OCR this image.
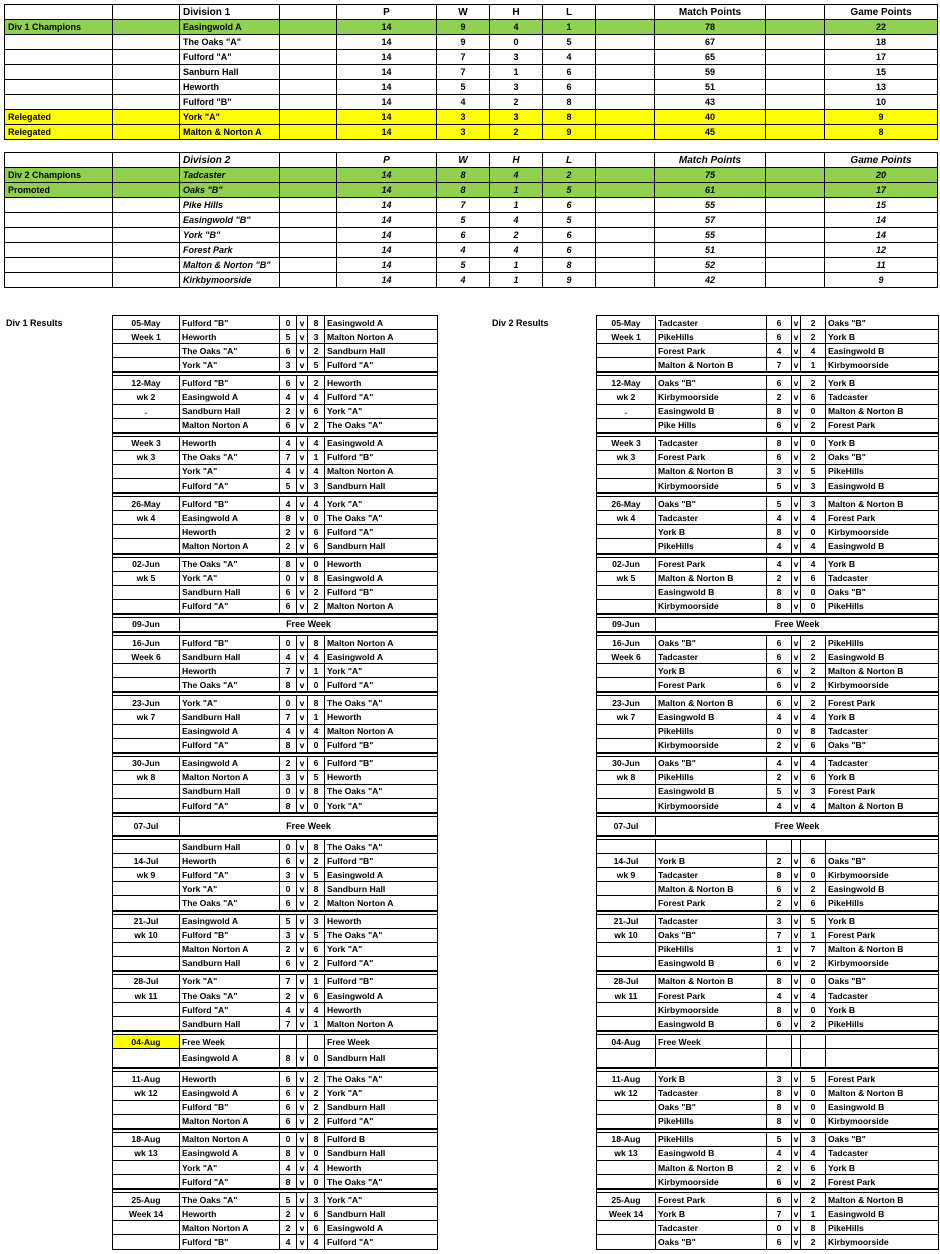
		Division 1		P	W	H	L		Match Points		Game Points
Div 1 Champions		Easingwold A		14	9	4	1		78		22
		The Oaks "A"		14	9	0	5		67		18
		Fulford "A"		14	7	3	4		65		17
		Sanburn Hall		14	7	1	6		59		15
		Heworth		14	5	3	6		51		13
		Fulford "B"		14	4	2	8		43		10
Relegated		York "A"		14	3	3	8		40		9
Relegated		Malton & Norton A		14	3	2	9		45		8
		Division 2		P	W	H	L		Match Points		Game Points
Div 2 Champions		Tadcaster		14	8	4	2		75		20
Promoted		Oaks "B"		14	8	1	5		61		17
		Pike Hills		14	7	1	6		55		15
		Easingwold "B"		14	5	4	5		57		14
		York "B"		14	6	2	6		55		14
		Forest Park		14	4	4	6		51		12
		Malton & Norton "B"		14	5	1	8		52		11
		Kirkbymoorside		14	4	1	9		42		9
Div 1 Results	Div 2 Results
05-May	Fulford "B"	0	v	8	Easingwold A
Week 1	Heworth	5	v	3	Malton Norton A
	The Oaks "A"	6	v	2	Sandburn Hall
	York "A"	3	v	5	Fulford "A"

12-May	Fulford "B"	6	v	2	Heworth
wk 2	Easingwold A	4	v	4	Fulford "A"
.	Sandburn Hall	2	v	6	York "A"
	Malton Norton A	6	v	2	The Oaks "A"

Week 3	Heworth	4	v	4	Easingwold A
wk 3	The Oaks "A"	7	v	1	Fulford "B"
	York "A"	4	v	4	Malton Norton A
	Fulford "A"	5	v	3	Sandburn Hall

26-May	Fulford "B"	4	v	4	York "A"
wk 4	Easingwold A	8	v	0	The Oaks "A"
	Heworth	2	v	6	Fulford "A"
	Malton Norton A	2	v	6	Sandburn Hall

02-Jun	The Oaks "A"	8	v	0	Heworth
wk 5	York "A"	0	v	8	Easingwold A
	Sandburn Hall	6	v	2	Fulford "B"
	Fulford "A"	6	v	2	Malton Norton A

09-Jun	Free Week				

16-Jun	Fulford "B"	0	v	8	Malton Norton A
Week 6	Sandburn Hall	4	v	4	Easingwold A
	Heworth	7	v	1	York "A"
	The Oaks "A"	8	v	0	Fulford "A"

23-Jun	York "A"	0	v	8	The Oaks "A"
wk 7	Sandburn Hall	7	v	1	Heworth
	Easingwold A	4	v	4	Malton Norton A
	Fulford "A"	8	v	0	Fulford "B"

30-Jun	Easingwold A	2	v	6	Fulford "B"
wk 8	Malton Norton A	3	v	5	Heworth
	Sandburn Hall	0	v	8	The Oaks "A"
	Fulford "A"	8	v	0	York "A"

07-Jul	Free Week				

	Sandburn Hall	0	v	8	The Oaks "A"
14-Jul	Heworth	6	v	2	Fulford "B"
wk 9	Fulford "A"	3	v	5	Easingwold A
	York "A"	0	v	8	Sandburn Hall
	The Oaks "A"	6	v	2	Malton Norton A

21-Jul	Easingwold A	5	v	3	Heworth
wk 10	Fulford "B"	3	v	5	The Oaks "A"
	Malton Norton A	2	v	6	York "A"
	Sandburn Hall	6	v	2	Fulford "A"

28-Jul	York "A"	7	v	1	Fulford "B"
wk 11	The Oaks "A"	2	v	6	Easingwold A
	Fulford "A"	4	v	4	Heworth
	Sandburn Hall	7	v	1	Malton Norton A

04-Aug	Free Week				Free Week
	Easingwold A	8	v	0	Sandburn Hall

11-Aug	Heworth	6	v	2	The Oaks "A"
wk 12	Easingwold A	6	v	2	York "A"
	Fulford "B"	6	v	2	Sandburn Hall
	Malton Norton A	6	v	2	Fulford "A"

18-Aug	Malton Norton A	0	v	8	Fulford B
wk 13	Easingwold A	8	v	0	Sandburn Hall
	York "A"	4	v	4	Heworth
	Fulford "A"	8	v	0	The Oaks "A"

25-Aug	The Oaks "A"	5	v	3	York "A"
Week 14	Heworth	2	v	6	Sandburn Hall
	Malton Norton A	2	v	6	Easingwold A
	Fulford "B"	4	v	4	Fulford "A"
05-May	Tadcaster	6	v	2	Oaks "B"
Week 1	PikeHills	6	v	2	York B
	Forest Park	4	v	4	Easingwold B
	Malton & Norton B	7	v	1	Kirbymoorside

12-May	Oaks "B"	6	v	2	York B
wk 2	Kirbymoorside	2	v	6	Tadcaster
.	Easingwold B	8	v	0	Malton & Norton B
	Pike Hills	6	v	2	Forest Park

Week 3	Tadcaster	8	v	0	York B
wk 3	Forest Park	6	v	2	Oaks "B"
	Malton & Norton B	3	v	5	PikeHills
	Kirbymoorside	5	v	3	Easingwold B

26-May	Oaks "B"	5	v	3	Malton & Norton B
wk 4	Tadcaster	4	v	4	Forest Park
	York B	8	v	0	Kirbymoorside
	PikeHills	4	v	4	Easingwold B

02-Jun	Forest Park	4	v	4	York B
wk 5	Malton & Norton B	2	v	6	Tadcaster
	Easingwold B	8	v	0	Oaks "B"
	Kirbymoorside	8	v	0	PikeHills

09-Jun	Free Week				

16-Jun	Oaks "B"	6	v	2	PikeHills
Week 6	Tadcaster	6	v	2	Easingwold B
	York B	6	v	2	Malton & Norton B
	Forest Park	6	v	2	Kirbymoorside

23-Jun	Malton & Norton B	6	v	2	Forest Park
wk 7	Easingwold B	4	v	4	York B
	PikeHills	0	v	8	Tadcaster
	Kirbymoorside	2	v	6	Oaks "B"

30-Jun	Oaks "B"	4	v	4	Tadcaster
wk 8	PikeHills	2	v	6	York B
	Easingwold B	5	v	3	Forest Park
	Kirbymoorside	4	v	4	Malton & Norton B

07-Jul	Free Week				

14-Jul	York B	2	v	6	Oaks "B"
wk 9	Tadcaster	8	v	0	Kirbymoorside
	Malton & Norton B	6	v	2	Easingwold B
	Forest Park	2	v	6	PikeHills

21-Jul	Tadcaster	3	v	5	York B
wk 10	Oaks "B"	7	v	1	Forest Park
	PikeHills	1	v	7	Malton & Norton B
	Easingwold B	6	v	2	Kirbymoorside

28-Jul	Malton & Norton B	8	v	0	Oaks "B"
wk 11	Forest Park	4	v	4	Tadcaster
	Kirbymoorside	8	v	0	York B
	Easingwold B	6	v	2	PikeHills

04-Aug	Free Week				

11-Aug	York B	3	v	5	Forest Park
wk 12	Tadcaster	8	v	0	Malton & Norton B
	Oaks "B"	8	v	0	Easingwold B
	PikeHills	8	v	0	Kirbymoorside

18-Aug	PikeHills	5	v	3	Oaks "B"
wk 13	Easingwold B	4	v	4	Tadcaster
	Malton & Norton B	2	v	6	York B
	Kirbymoorside	6	v	2	Forest Park

25-Aug	Forest Park	6	v	2	Malton & Norton B
Week 14	York B	7	v	1	Easingwold B
	Tadcaster	0	v	8	PikeHills
	Oaks "B"	6	v	2	Kirbymoorside
